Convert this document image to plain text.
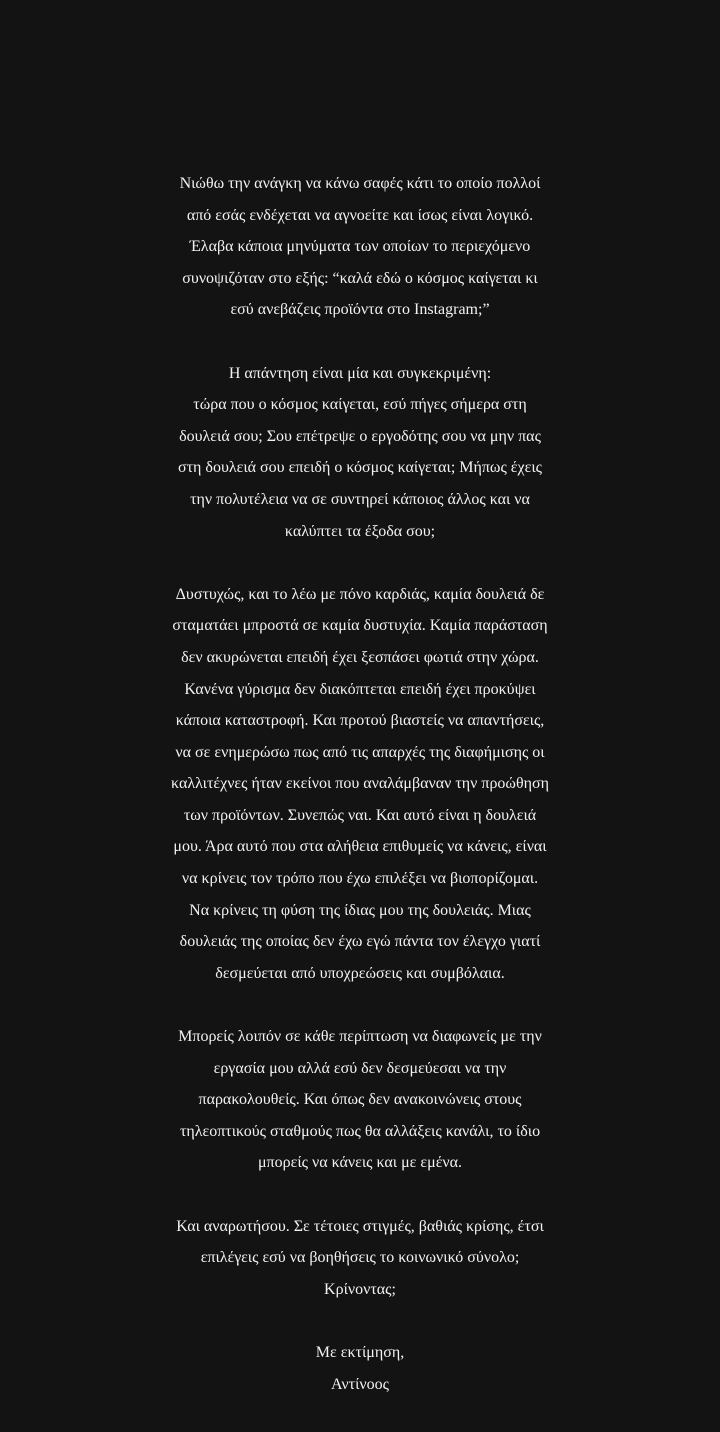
Νιώθω την ανάγκη να κάνω σαφές κάτι το οποίο πολλοί
από εσάς ενδέχεται να αγνοείτε και ίσως είναι λογικό.
Έλαβα κάποια μηνύματα των οποίων το περιεχόμενο
συνοψιζόταν στο εξής: “καλά εδώ ο κόσμος καίγεται κι
εσύ ανεβάζεις προϊόντα στο Instagram;”

Η απάντηση είναι μία και συγκεκριμένη:
τώρα που ο κόσμος καίγεται, εσύ πήγες σήμερα στη
δουλειά σου; Σου επέτρεψε ο εργοδότης σου να μην πας
στη δουλειά σου επειδή ο κόσμος καίγεται; Μήπως έχεις
την πολυτέλεια να σε συντηρεί κάποιος άλλος και να
καλύπτει τα έξοδα σου;

Δυστυχώς, και το λέω με πόνο καρδιάς, καμία δουλειά δε
σταματάει μπροστά σε καμία δυστυχία. Καμία παράσταση
δεν ακυρώνεται επειδή έχει ξεσπάσει φωτιά στην χώρα.
Κανένα γύρισμα δεν διακόπτεται επειδή έχει προκύψει
κάποια καταστροφή. Και προτού βιαστείς να απαντήσεις,
να σε ενημερώσω πως από τις απαρχές της διαφήμισης οι
καλλιτέχνες ήταν εκείνοι που αναλάμβαναν την προώθηση
των προϊόντων. Συνεπώς ναι. Και αυτό είναι η δουλειά
μου. Άρα αυτό που στα αλήθεια επιθυμείς να κάνεις, είναι
να κρίνεις τον τρόπο που έχω επιλέξει να βιοπορίζομαι.
Να κρίνεις τη φύση της ίδιας μου της δουλειάς. Μιας
δουλειάς της οποίας δεν έχω εγώ πάντα τον έλεγχο γιατί
δεσμεύεται από υποχρεώσεις και συμβόλαια.

Μπορείς λοιπόν σε κάθε περίπτωση να διαφωνείς με την
εργασία μου αλλά εσύ δεν δεσμεύεσαι να την
παρακολουθείς. Και όπως δεν ανακοινώνεις στους
τηλεοπτικούς σταθμούς πως θα αλλάξεις κανάλι, το ίδιο
μπορείς να κάνεις και με εμένα.

Και αναρωτήσου. Σε τέτοιες στιγμές, βαθιάς κρίσης, έτσι
επιλέγεις εσύ να βοηθήσεις το κοινωνικό σύνολο;
Κρίνοντας;

Με εκτίμηση,
Αντίνοος
